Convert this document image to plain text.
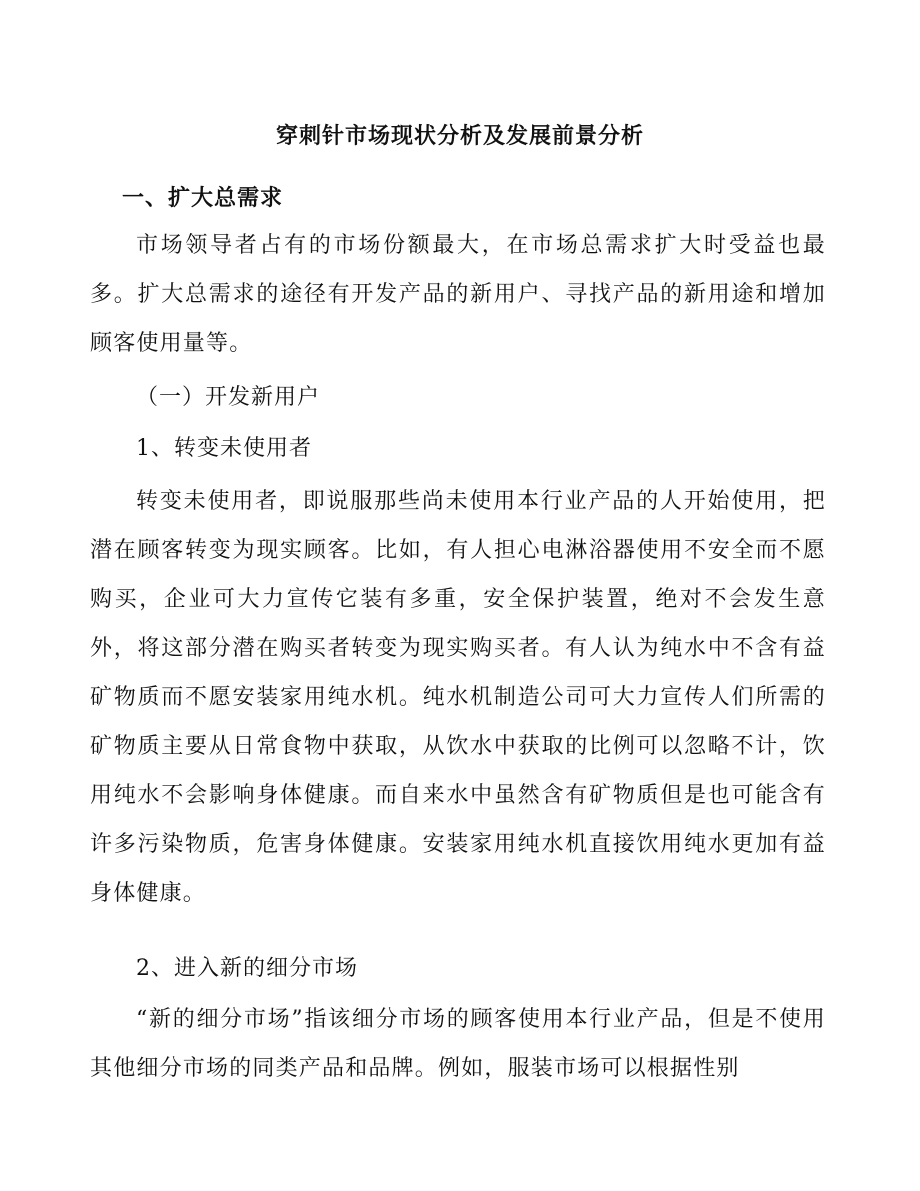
穿刺针市场现状分析及发展前景分析
一、扩大总需求

市场领导者占有的市场份额最大，在市场总需求扩大时受益也最多。扩大总需求的途径有开发产品的新用户、寻找产品的新用途和增加顾客使用量等。

（一）开发新用户
1、转变未使用者

转变未使用者，即说服那些尚未使用本行业产品的人开始使用，把潜在顾客转变为现实顾客。比如，有人担心电淋浴器使用不安全而不愿购买，企业可大力宣传它装有多重，安全保护装置，绝对不会发生意外，将这部分潜在购买者转变为现实购买者。有人认为纯水中不含有益矿物质而不愿安装家用纯水机。纯水机制造公司可大力宣传人们所需的矿物质主要从日常食物中获取，从饮水中获取的比例可以忽略不计，饮用纯水不会影响身体健康。而自来水中虽然含有矿物质但是也可能含有许多污染物质，危害身体健康。安装家用纯水机直接饮用纯水更加有益身体健康。

2、进入新的细分市场

“新的细分市场”指该细分市场的顾客使用本行业产品，但是不使用其他细分市场的同类产品和品牌。例如，服装市场可以根据性别
